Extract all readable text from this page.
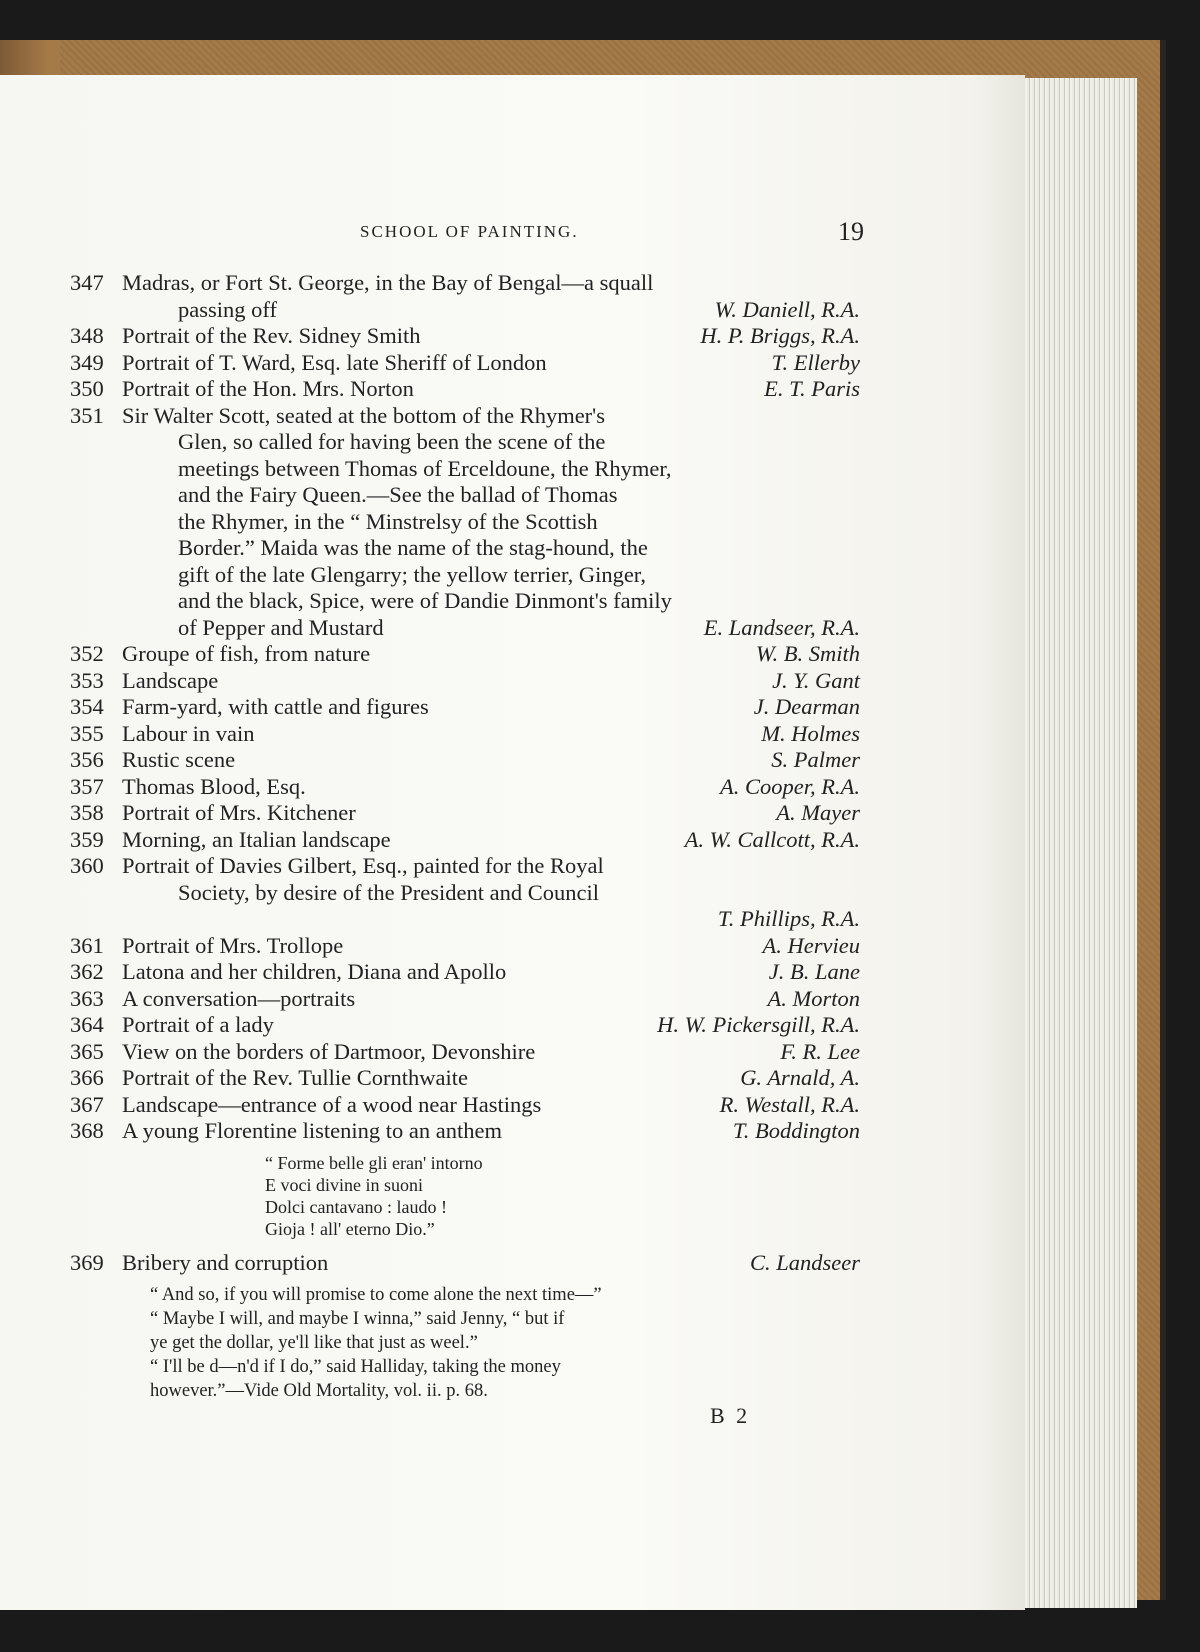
SCHOOL OF PAINTING.	19
347 Madras, or Fort St. George, in the Bay of Bengal—a squall
passing off	W. Daniell, R.A.
348 Portrait of the Rev. Sidney Smith	H. P. Briggs, R.A.
349 Portrait of T. Ward, Esq. late Sheriff of London	T. Ellerby
350 Portrait of the Hon. Mrs. Norton	E. T. Paris
351 Sir Walter Scott, seated at the bottom of the Rhymer's
Glen, so called for having been the scene of the
meetings between Thomas of Erceldoune, the Rhymer,
and the Fairy Queen.—See the ballad of Thomas
the Rhymer, in the “ Minstrelsy of the Scottish
Border.” Maida was the name of the stag-hound, the
gift of the late Glengarry; the yellow terrier, Ginger,
and the black, Spice, were of Dandie Dinmont's family
of Pepper and Mustard	E. Landseer, R.A.
352 Groupe of fish, from nature	W. B. Smith
353 Landscape	J. Y. Gant
354 Farm-yard, with cattle and figures	J. Dearman
355 Labour in vain	M. Holmes
356 Rustic scene	S. Palmer
357 Thomas Blood, Esq.	A. Cooper, R.A.
358 Portrait of Mrs. Kitchener	A. Mayer
359 Morning, an Italian landscape	A. W. Callcott, R.A.
360 Portrait of Davies Gilbert, Esq., painted for the Royal
Society, by desire of the President and Council
T. Phillips, R.A.
361 Portrait of Mrs. Trollope	A. Hervieu
362 Latona and her children, Diana and Apollo	J. B. Lane
363 A conversation—portraits	A. Morton
364 Portrait of a lady	H. W. Pickersgill, R.A.
365 View on the borders of Dartmoor, Devonshire	F. R. Lee
366 Portrait of the Rev. Tullie Cornthwaite	G. Arnald, A.
367 Landscape—entrance of a wood near Hastings	R. Westall, R.A.
368 A young Florentine listening to an anthem	T. Boddington
“ Forme belle gli eran' intorno
E voci divine in suoni
Dolci cantavano : laudo !
Gioja ! all' eterno Dio.”
369 Bribery and corruption	C. Landseer
“ And so, if you will promise to come alone the next time—”
“ Maybe I will, and maybe I winna,” said Jenny, “ but if
ye get the dollar, ye'll like that just as weel.”
“ I'll be d—n'd if I do,” said Halliday, taking the money
however.”—Vide Old Mortality, vol. ii. p. 68.
B 2
